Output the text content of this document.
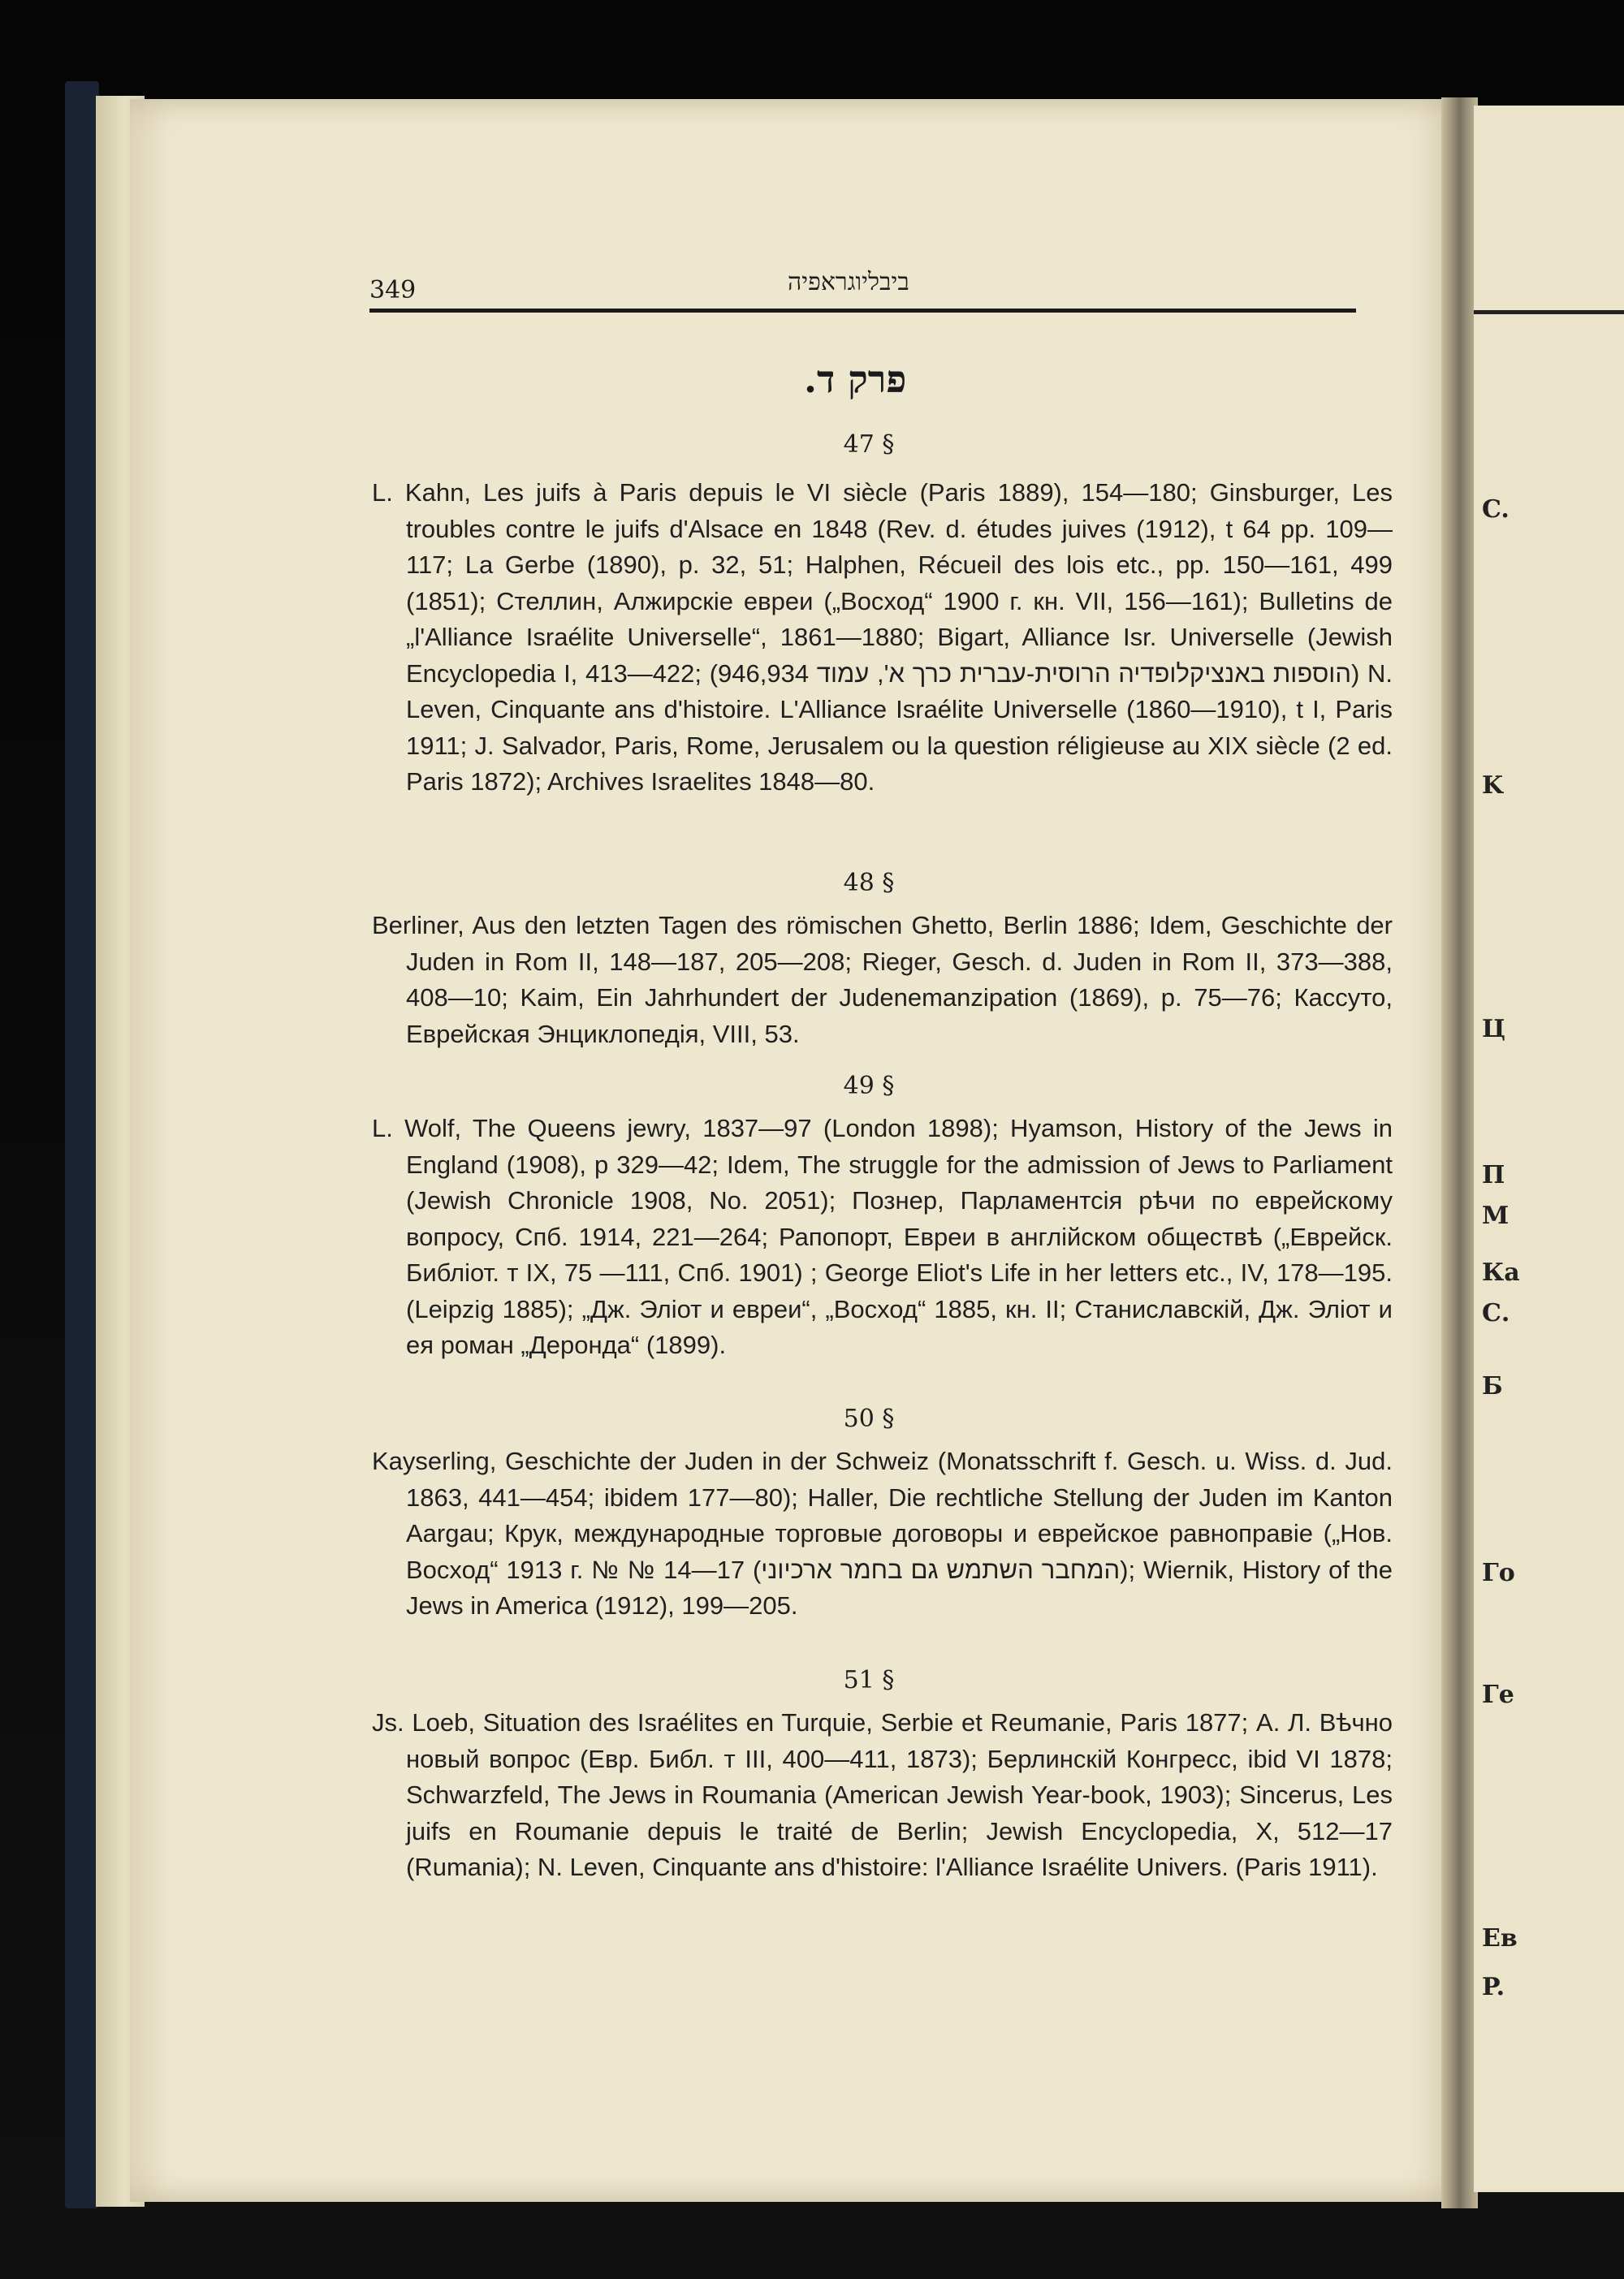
C.
K
Ц
П
М
Ка
С.
Б
Го
Ге
Ев
P.
349	ביבליוגראפיה
פרק ד.
47 §
L. Kahn, Les juifs à Paris depuis le VI siècle (Paris 1889), 154—180; Ginsburger, Les troubles contre le juifs d'Alsace en 1848 (Rev. d. études juives (1912), t 64 pp. 109—117; La Gerbe (1890), p. 32, 51; Halphen, Récueil des lois etc., pp. 150—161, 499 (1851); Стеллин, Алжирскіе евреи („Восход“ 1900 г. кн. VII, 156—161); Bulletins de „l'Alliance Israélite Universelle“, 1861—1880; Bigart, Alliance Isr. Universelle (Jewish Encyclopedia I, 413—422; (הוספות באנציקלופדיה הרוסית-עברית כרך א', עמוד 946,934) N. Leven, Cinquante ans d'histoire. L'Alliance Israélite Universelle (1860—1910), t I, Paris 1911; J. Salvador, Paris, Rome, Jerusalem ou la question réligieuse au XIX siècle (2 ed. Paris 1872); Archives Israelites 1848—80.
48 §
Berliner, Aus den letzten Tagen des römischen Ghetto, Berlin 1886; Idem, Geschichte der Juden in Rom II, 148—187, 205—208; Rieger, Gesch. d. Juden in Rom II, 373—388, 408—10; Kaim, Ein Jahrhundert der Judenemanzipation (1869), p. 75—76; Кассуто, Еврейская Энциклопедія, VIII, 53.
49 §
L. Wolf, The Queens jewry, 1837—97 (London 1898); Hyamson, History of the Jews in England (1908), p 329—42; Idem, The struggle for the admission of Jews to Parliament (Jewish Chronicle 1908, No. 2051); Познер, Парламентсія рѣчи по еврейскому вопросу, Спб. 1914, 221—264; Рапопорт, Евреи в англійском обществѣ („Еврейск. Библіот. т IX, 75 —111, Спб. 1901) ; George Eliot's Life in her letters etc., IV, 178—195. (Leipzig 1885); „Дж. Эліот и евреи“, „Восход“ 1885, кн. II; Станиславскій, Дж. Эліот и ея роман „Деронда“ (1899).
50 §
Kayserling, Geschichte der Juden in der Schweiz (Monatsschrift f. Gesch. u. Wiss. d. Jud. 1863, 441—454; ibidem 177—80); Haller, Die rechtliche Stellung der Juden im Kanton Aargau; Крук, международные торговые договоры и еврейское равноправіе („Нов. Восход“ 1913 г. № № 14—17 (המחבר השתמש גם בחמר ארכיוני); Wiernik, History of the Jews in America (1912), 199—205.
51 §
Js. Loeb, Situation des Israélites en Turquie, Serbie et Reumanie, Paris 1877; А. Л. Вѣчно новый вопрос (Евр. Библ. т III, 400—411, 1873); Берлинскій Конгресс, ibid VI 1878; Schwarzfeld, The Jews in Roumania (American Jewish Year-book, 1903); Sincerus, Les juifs en Roumanie depuis le traité de Berlin; Jewish Encyclopedia, X, 512—17 (Rumania); N. Leven, Cinquante ans d'histoire: l'Alliance Israélite Univers. (Paris 1911).
